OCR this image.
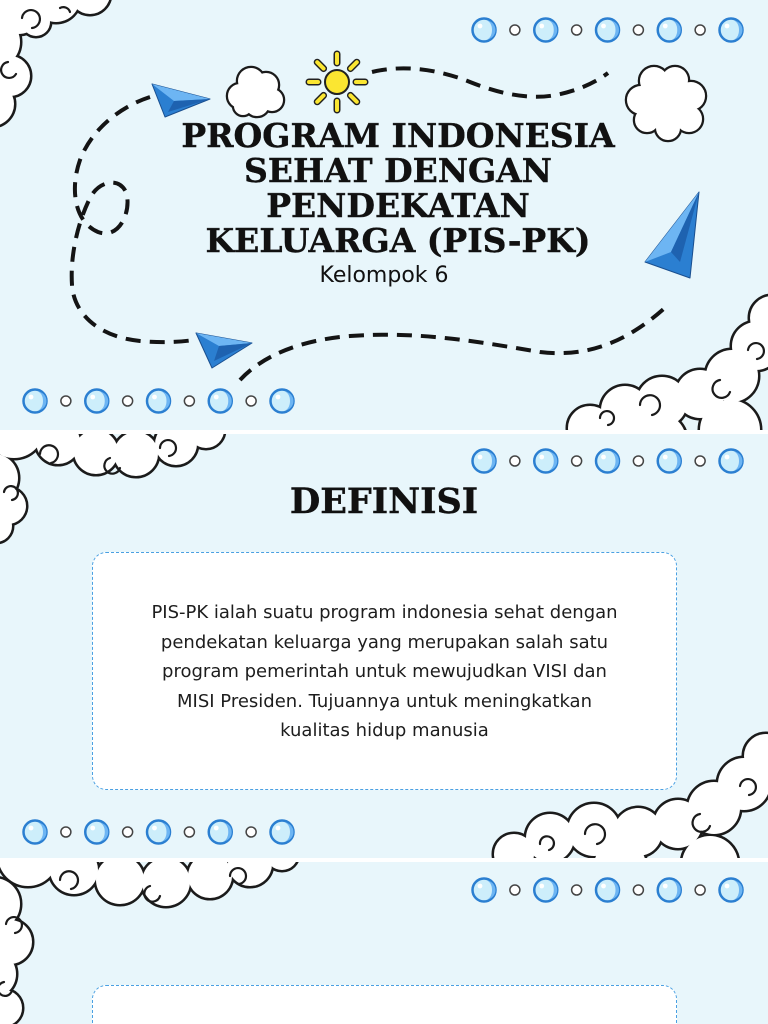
PROGRAM INDONESIA
SEHAT DENGAN
PENDEKATAN
KELUARGA (PIS-PK)
Kelompok 6
DEFINISI
PIS-PK ialah suatu program indonesia sehat dengan
pendekatan keluarga yang merupakan salah satu
program pemerintah untuk mewujudkan VISI dan
MISI Presiden. Tujuannya untuk meningkatkan
kualitas hidup manusia
